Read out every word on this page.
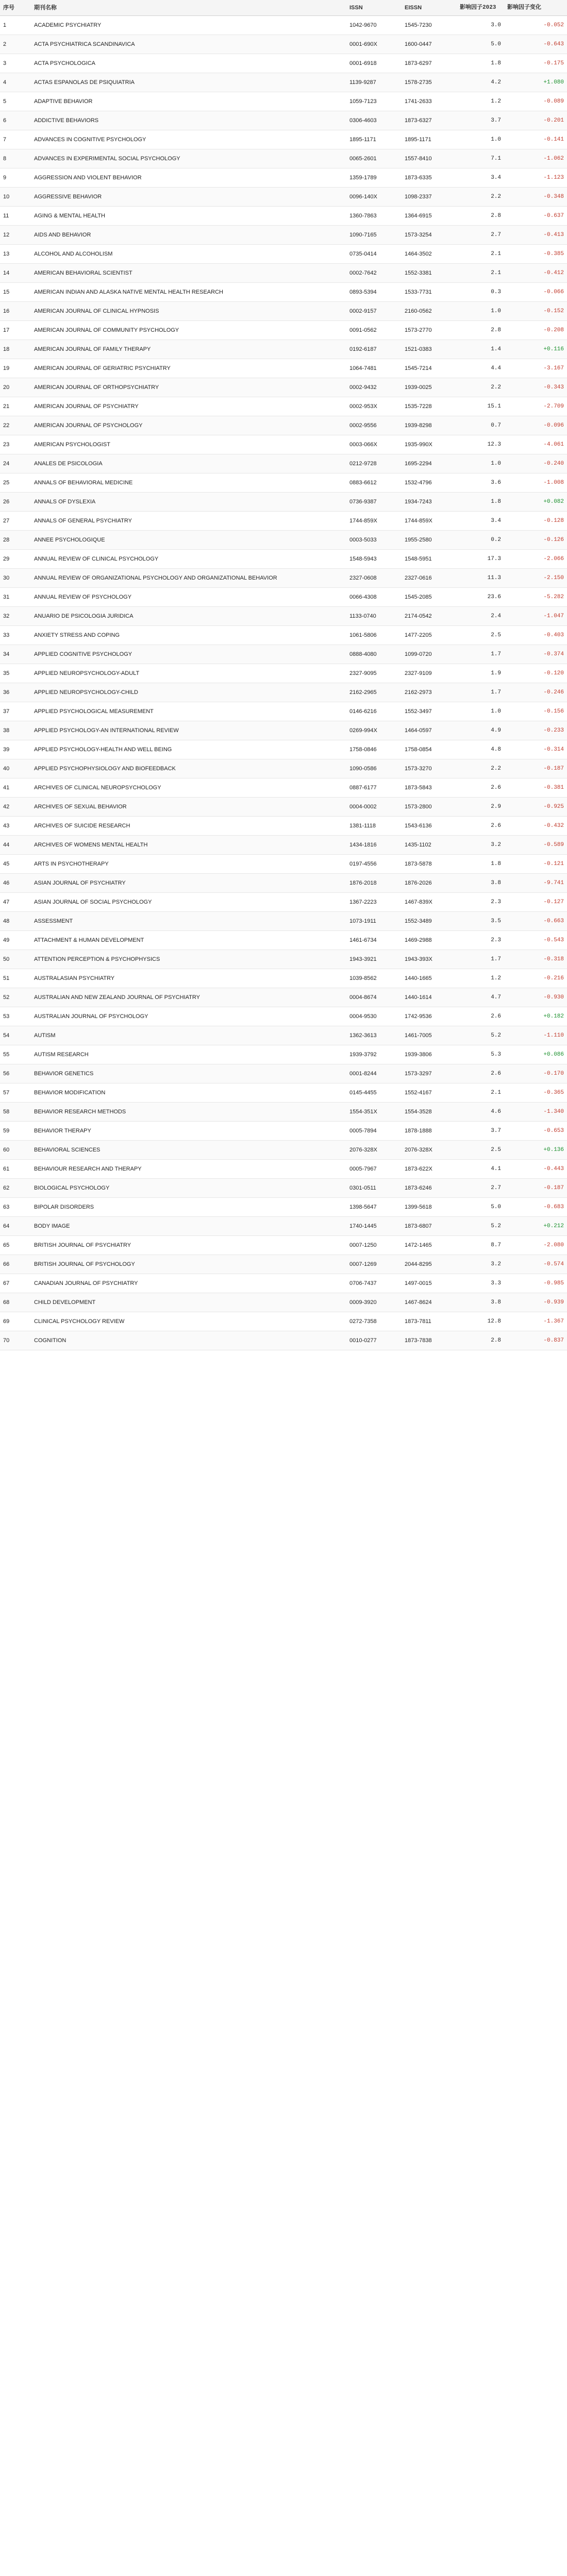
序号	期刊名称	ISSN	EISSN	影响因子2023	影响因子变化
1	ACADEMIC PSYCHIATRY	1042-9670	1545-7230	3.0	-0.052
2	ACTA PSYCHIATRICA SCANDINAVICA	0001-690X	1600-0447	5.0	-0.643
3	ACTA PSYCHOLOGICA	0001-6918	1873-6297	1.8	-0.175
4	ACTAS ESPANOLAS DE PSIQUIATRIA	1139-9287	1578-2735	4.2	+1.080
5	ADAPTIVE BEHAVIOR	1059-7123	1741-2633	1.2	-0.089
6	ADDICTIVE BEHAVIORS	0306-4603	1873-6327	3.7	-0.201
7	ADVANCES IN COGNITIVE PSYCHOLOGY	1895-1171	1895-1171	1.0	-0.141
8	ADVANCES IN EXPERIMENTAL SOCIAL PSYCHOLOGY	0065-2601	1557-8410	7.1	-1.062
9	AGGRESSION AND VIOLENT BEHAVIOR	1359-1789	1873-6335	3.4	-1.123
10	AGGRESSIVE BEHAVIOR	0096-140X	1098-2337	2.2	-0.348
11	AGING & MENTAL HEALTH	1360-7863	1364-6915	2.8	-0.637
12	AIDS AND BEHAVIOR	1090-7165	1573-3254	2.7	-0.413
13	ALCOHOL AND ALCOHOLISM	0735-0414	1464-3502	2.1	-0.385
14	AMERICAN BEHAVIORAL SCIENTIST	0002-7642	1552-3381	2.1	-0.412
15	AMERICAN INDIAN AND ALASKA NATIVE MENTAL HEALTH RESEARCH	0893-5394	1533-7731	0.3	-0.066
16	AMERICAN JOURNAL OF CLINICAL HYPNOSIS	0002-9157	2160-0562	1.0	-0.152
17	AMERICAN JOURNAL OF COMMUNITY PSYCHOLOGY	0091-0562	1573-2770	2.8	-0.208
18	AMERICAN JOURNAL OF FAMILY THERAPY	0192-6187	1521-0383	1.4	+0.116
19	AMERICAN JOURNAL OF GERIATRIC PSYCHIATRY	1064-7481	1545-7214	4.4	-3.167
20	AMERICAN JOURNAL OF ORTHOPSYCHIATRY	0002-9432	1939-0025	2.2	-0.343
21	AMERICAN JOURNAL OF PSYCHIATRY	0002-953X	1535-7228	15.1	-2.709
22	AMERICAN JOURNAL OF PSYCHOLOGY	0002-9556	1939-8298	0.7	-0.096
23	AMERICAN PSYCHOLOGIST	0003-066X	1935-990X	12.3	-4.061
24	ANALES DE PSICOLOGIA	0212-9728	1695-2294	1.0	-0.240
25	ANNALS OF BEHAVIORAL MEDICINE	0883-6612	1532-4796	3.6	-1.008
26	ANNALS OF DYSLEXIA	0736-9387	1934-7243	1.8	+0.082
27	ANNALS OF GENERAL PSYCHIATRY	1744-859X	1744-859X	3.4	-0.128
28	ANNEE PSYCHOLOGIQUE	0003-5033	1955-2580	0.2	-0.126
29	ANNUAL REVIEW OF CLINICAL PSYCHOLOGY	1548-5943	1548-5951	17.3	-2.066
30	ANNUAL REVIEW OF ORGANIZATIONAL PSYCHOLOGY AND ORGANIZATIONAL BEHAVIOR	2327-0608	2327-0616	11.3	-2.150
31	ANNUAL REVIEW OF PSYCHOLOGY	0066-4308	1545-2085	23.6	-5.282
32	ANUARIO DE PSICOLOGIA JURIDICA	1133-0740	2174-0542	2.4	-1.047
33	ANXIETY STRESS AND COPING	1061-5806	1477-2205	2.5	-0.403
34	APPLIED COGNITIVE PSYCHOLOGY	0888-4080	1099-0720	1.7	-0.374
35	APPLIED NEUROPSYCHOLOGY-ADULT	2327-9095	2327-9109	1.9	-0.120
36	APPLIED NEUROPSYCHOLOGY-CHILD	2162-2965	2162-2973	1.7	-0.246
37	APPLIED PSYCHOLOGICAL MEASUREMENT	0146-6216	1552-3497	1.0	-0.156
38	APPLIED PSYCHOLOGY-AN INTERNATIONAL REVIEW	0269-994X	1464-0597	4.9	-0.233
39	APPLIED PSYCHOLOGY-HEALTH AND WELL BEING	1758-0846	1758-0854	4.8	-0.314
40	APPLIED PSYCHOPHYSIOLOGY AND BIOFEEDBACK	1090-0586	1573-3270	2.2	-0.187
41	ARCHIVES OF CLINICAL NEUROPSYCHOLOGY	0887-6177	1873-5843	2.6	-0.381
42	ARCHIVES OF SEXUAL BEHAVIOR	0004-0002	1573-2800	2.9	-0.925
43	ARCHIVES OF SUICIDE RESEARCH	1381-1118	1543-6136	2.6	-0.432
44	ARCHIVES OF WOMENS MENTAL HEALTH	1434-1816	1435-1102	3.2	-0.589
45	ARTS IN PSYCHOTHERAPY	0197-4556	1873-5878	1.8	-0.121
46	ASIAN JOURNAL OF PSYCHIATRY	1876-2018	1876-2026	3.8	-9.741
47	ASIAN JOURNAL OF SOCIAL PSYCHOLOGY	1367-2223	1467-839X	2.3	-0.127
48	ASSESSMENT	1073-1911	1552-3489	3.5	-0.663
49	ATTACHMENT & HUMAN DEVELOPMENT	1461-6734	1469-2988	2.3	-0.543
50	ATTENTION PERCEPTION & PSYCHOPHYSICS	1943-3921	1943-393X	1.7	-0.318
51	AUSTRALASIAN PSYCHIATRY	1039-8562	1440-1665	1.2	-0.216
52	AUSTRALIAN AND NEW ZEALAND JOURNAL OF PSYCHIATRY	0004-8674	1440-1614	4.7	-0.930
53	AUSTRALIAN JOURNAL OF PSYCHOLOGY	0004-9530	1742-9536	2.6	+0.182
54	AUTISM	1362-3613	1461-7005	5.2	-1.110
55	AUTISM RESEARCH	1939-3792	1939-3806	5.3	+0.086
56	BEHAVIOR GENETICS	0001-8244	1573-3297	2.6	-0.170
57	BEHAVIOR MODIFICATION	0145-4455	1552-4167	2.1	-0.365
58	BEHAVIOR RESEARCH METHODS	1554-351X	1554-3528	4.6	-1.340
59	BEHAVIOR THERAPY	0005-7894	1878-1888	3.7	-0.653
60	BEHAVIORAL SCIENCES	2076-328X	2076-328X	2.5	+0.136
61	BEHAVIOUR RESEARCH AND THERAPY	0005-7967	1873-622X	4.1	-0.443
62	BIOLOGICAL PSYCHOLOGY	0301-0511	1873-6246	2.7	-0.187
63	BIPOLAR DISORDERS	1398-5647	1399-5618	5.0	-0.683
64	BODY IMAGE	1740-1445	1873-6807	5.2	+0.212
65	BRITISH JOURNAL OF PSYCHIATRY	0007-1250	1472-1465	8.7	-2.080
66	BRITISH JOURNAL OF PSYCHOLOGY	0007-1269	2044-8295	3.2	-0.574
67	CANADIAN JOURNAL OF PSYCHIATRY	0706-7437	1497-0015	3.3	-0.985
68	CHILD DEVELOPMENT	0009-3920	1467-8624	3.8	-0.939
69	CLINICAL PSYCHOLOGY REVIEW	0272-7358	1873-7811	12.8	-1.367
70	COGNITION	0010-0277	1873-7838	2.8	-0.837
